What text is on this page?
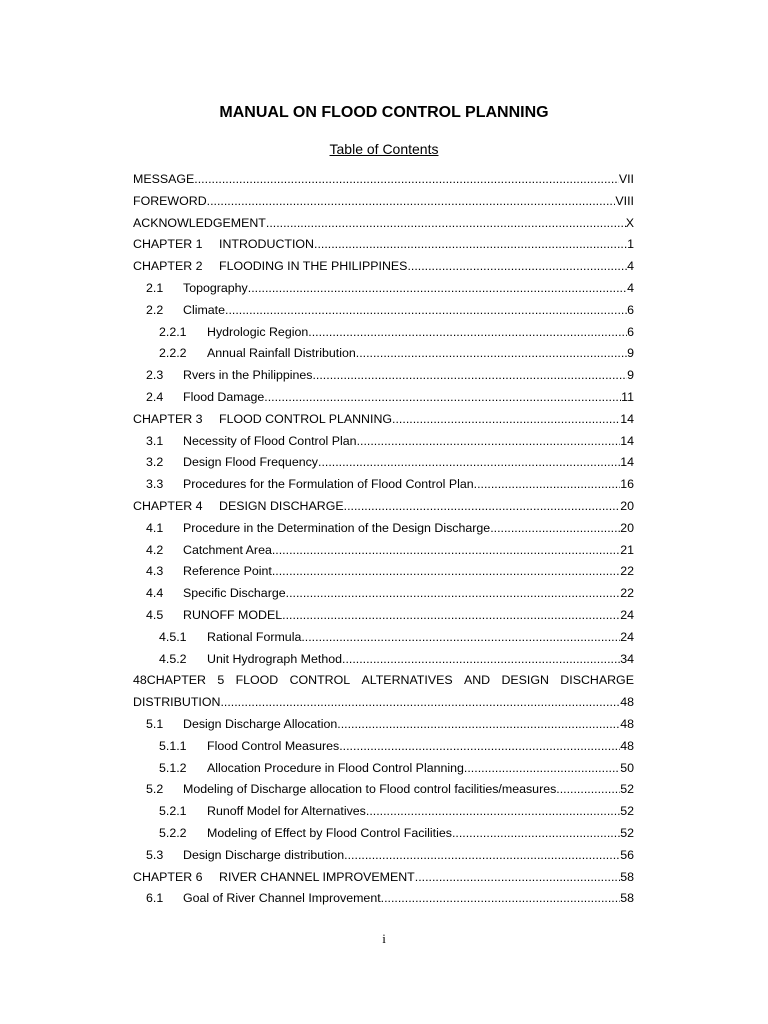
MANUAL ON FLOOD CONTROL PLANNING
Table of Contents
MESSAGE .....	VII
FOREWORD .....	VIII
ACKNOWLEDGEMENT .....	X
CHAPTER 1	INTRODUCTION .....	1
CHAPTER 2	FLOODING IN THE PHILIPPINES .....	4
2.1	Topography .....	4
2.2	Climate .....	6
2.2.1	Hydrologic Region .....	6
2.2.2	Annual Rainfall Distribution .....	9
2.3	Rvers in the Philippines .....	9
2.4	Flood Damage .....	11
CHAPTER 3	FLOOD CONTROL PLANNING .....	14
3.1	Necessity of Flood Control Plan .....	14
3.2	Design Flood Frequency .....	14
3.3	Procedures for the Formulation of Flood Control Plan .....	16
CHAPTER 4	DESIGN DISCHARGE .....	20
4.1	Procedure in the Determination of the Design Discharge .....	20
4.2	Catchment Area .....	21
4.3	Reference Point .....	22
4.4	Specific Discharge .....	22
4.5	RUNOFF MODEL .....	24
4.5.1	Rational Formula .....	24
4.5.2	Unit Hydrograph Method .....	34
48CHAPTER 5 FLOOD CONTROL ALTERNATIVES AND DESIGN DISCHARGE
DISTRIBUTION .....	48
5.1	Design Discharge Allocation .....	48
5.1.1	Flood Control Measures .....	48
5.1.2	Allocation Procedure in Flood Control Planning .....	50
5.2	Modeling of Discharge allocation to Flood control facilities/measures .....	52
5.2.1	Runoff Model for Alternatives .....	52
5.2.2	Modeling of Effect by Flood Control Facilities .....	52
5.3	Design Discharge distribution .....	56
CHAPTER 6	RIVER CHANNEL IMPROVEMENT .....	58
6.1	Goal of River Channel Improvement .....	58
i
